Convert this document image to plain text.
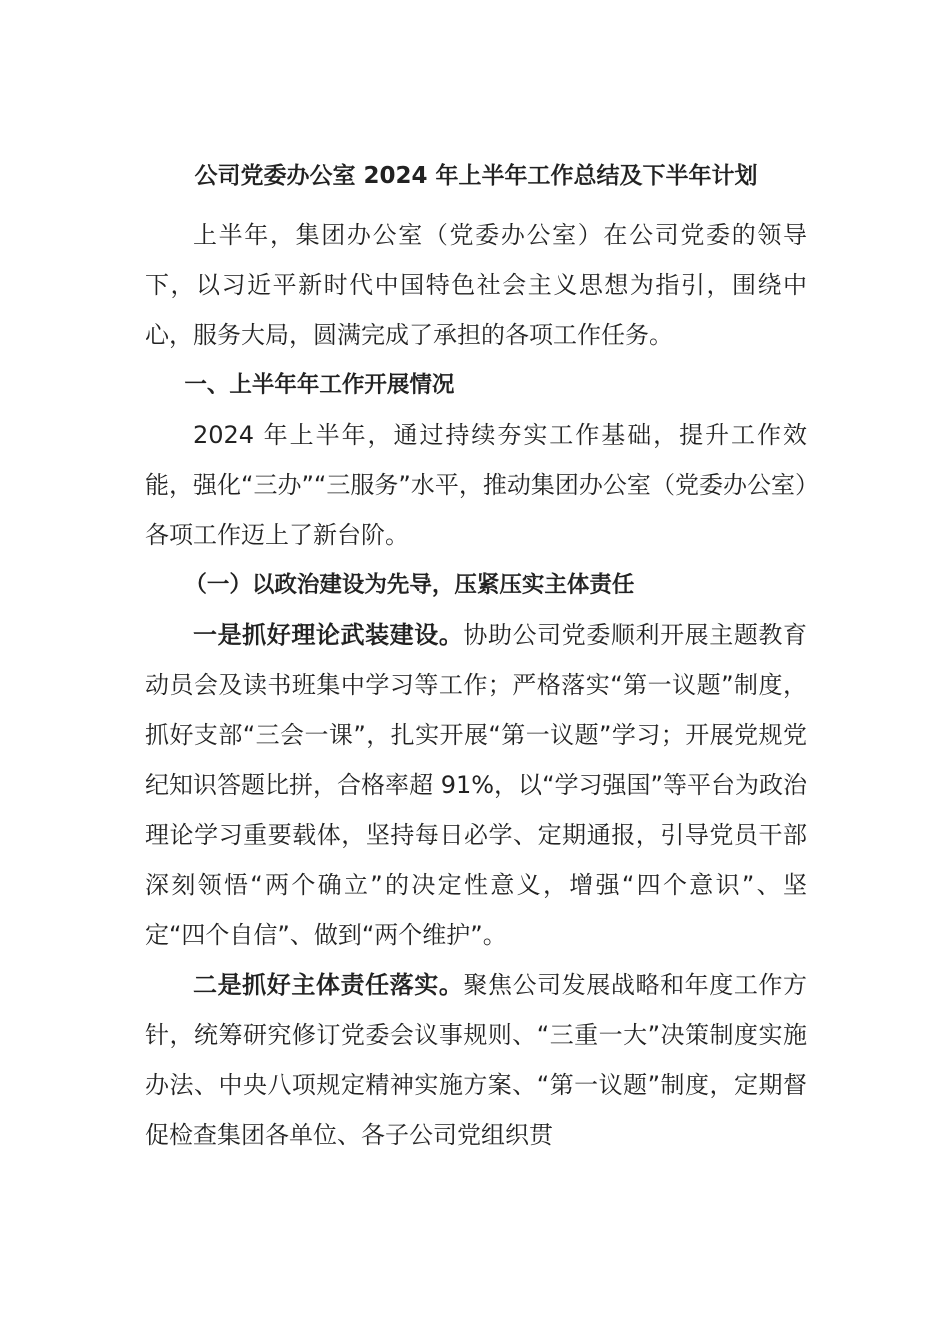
公司党委办公室 2024 年上半年工作总结及下半年计划

上半年，集团办公室（党委办公室）在公司党委的领导下，以习近平新时代中国特色社会主义思想为指引，围绕中心，服务大局，圆满完成了承担的各项工作任务。

一、上半年年工作开展情况

2024 年上半年，通过持续夯实工作基础，提升工作效能，强化“三办”“三服务”水平，推动集团办公室（党委办公室）各项工作迈上了新台阶。

（一）以政治建设为先导，压紧压实主体责任

一是抓好理论武装建设。协助公司党委顺利开展主题教育动员会及读书班集中学习等工作；严格落实“第一议题”制度，抓好支部“三会一课”，扎实开展“第一议题”学习；开展党规党纪知识答题比拼，合格率超 91%，以“学习强国”等平台为政治理论学习重要载体，坚持每日必学、定期通报，引导党员干部深刻领悟“两个确立”的决定性意义，增强“四个意识”、坚定“四个自信”、做到“两个维护”。

二是抓好主体责任落实。聚焦公司发展战略和年度工作方针，统筹研究修订党委会议事规则、“三重一大”决策制度实施办法、中央八项规定精神实施方案、“第一议题”制度，定期督促检查集团各单位、各子公司党组织贯
